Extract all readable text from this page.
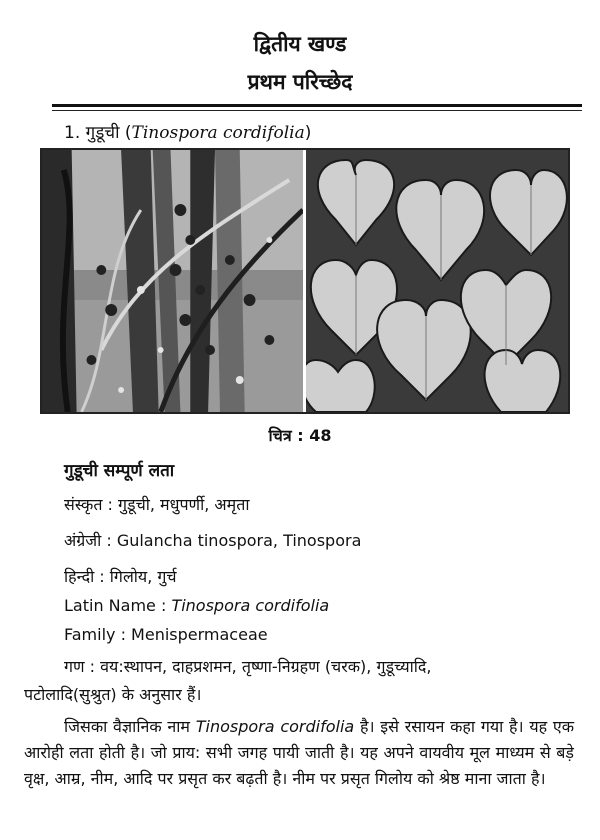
द्वितीय खण्ड
प्रथम परिच्छेद
1. गुडूची (Tinospora cordifolia)
चित्र : 48
गुडूची सम्पूर्ण लता
संस्कृत : गुडूची, मधुपर्णी, अमृता
अंग्रेजी : Gulancha tinospora, Tinospora
हिन्दी : गिलोय, गुर्च
Latin Name : Tinospora cordifolia
Family : Menispermaceae
गण : वय:स्थापन, दाहप्रशमन, तृष्णा-निग्रहण (चरक), गुडूच्यादि,
पटोलादि(सुश्रुत) के अनुसार हैं।
जिसका वैज्ञानिक नाम Tinospora cordifolia है। इसे रसायन कहा गया है। यह एक आरोही लता होती है। जो प्राय: सभी जगह पायी जाती है। यह अपने वायवीय मूल माध्यम से बड़े वृक्ष, आम्र, नीम, आदि पर प्रसृत कर बढ़ती है। नीम पर प्रसृत गिलोय को श्रेष्ठ माना जाता है।
